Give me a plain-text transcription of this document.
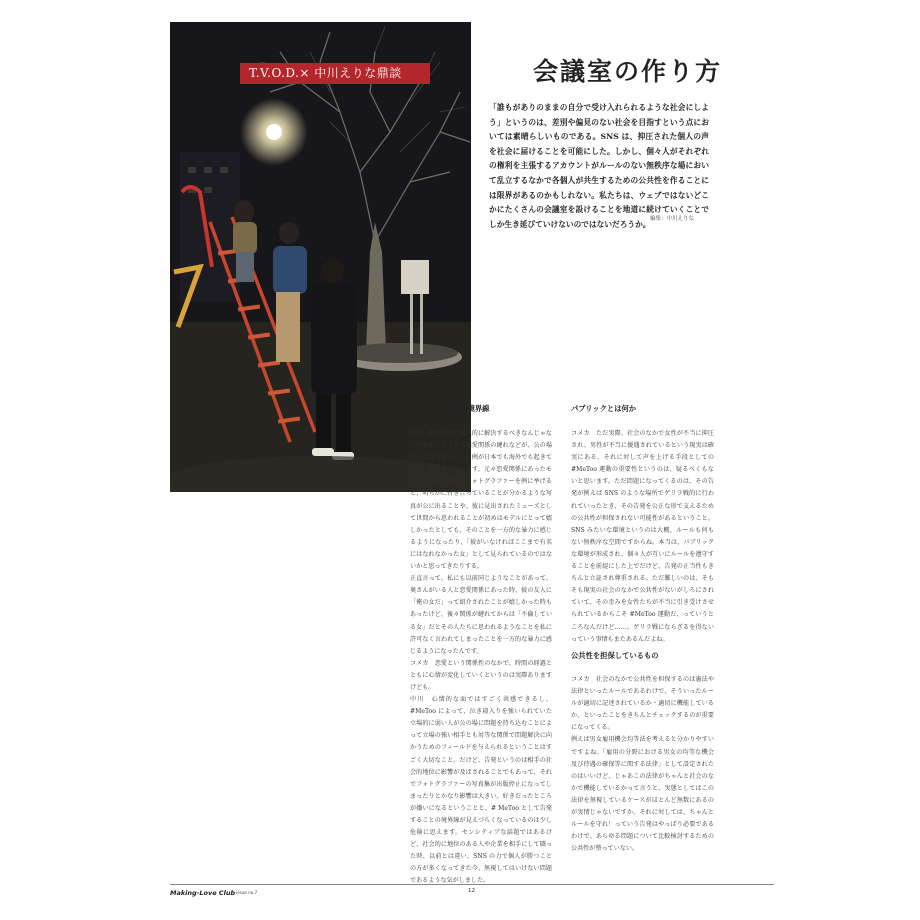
T.V.O.D.× 中川えりな鼎談	会議室の作り方

「誰もがありのままの自分で受け入れられるような社会にしよう」というのは、差別や偏見のない社会を目指すという点においては素晴らしいものである。SNS は、抑圧された個人の声を社会に届けることを可能にした。しかし、個々人がそれぞれの権利を主張するアカウントがルールのない無秩序な場において乱立するなかで各個人が共生するための公共性を作ることには限界があるのかもしれない。私たちは、ウェブではないどこかにたくさんの会議室を設けることを地道に続けていくことでしか生き延びていけないのではないだろうか。

編集：中川えりな
#MeToo をする境界線

中川　両者の間で個人的に解決するべきなんじゃないかと思えるような恋愛関係の縺れなどが、公の場での告発となっている例が日本でも海外でも起きていて、気になっています。元々恋愛関係にあったモデルに告発をされたフォトグラファーを例に挙げると、明らかに付き合っていることが分かるような写真が公に出ることや、彼に見出されたミューズとして世間から思われることが初めはモデルにとって嬉しかったとしても、そのことを一方的な暴力に感じるようになったり、「彼がいなければここまで有名にはなれなかった女」として見られているのではないかと思ってきたりする。

正直言って、私にも以前同じようなことがあって、奥さんがいる人と恋愛関係にあった時、彼の友人に「俺の女だ」って紹介されたことが嬉しかった時もあったけど、後々関係が縺れてからは「不倫している女」だとその人たちに思われるようなことを私に許可なく言われてしまったことを一方的な暴力に感じるようになったんです。

コメカ　恋愛という関係性のなかで、時間の経過とともに心情が変化していくというのは実際ありますけども。

中川　心情的な面ではすごく共感できるし、#MeToo によって、泣き寝入りを強いられていた立場的に弱い人が公の場に問題を持ち込むことによって立場の強い相手とも対等な関係で問題解決に向かうためのフィールドを与えられるということはすごく大切なこと。だけど、告発というのは相手の社会的地位に影響が及ばされることでもあって、それでフォトグラファーの写真集が出版停止になってしまったりとかなり影響は大きい。好きだったところが嫌いになるということと、# MeToo として告発することの境界線が見えづらくなっているのは少し危険に思えます。センシティブな話題ではあるけど、社会的に地位のある人や企業を相手にして闘った時、以前とは違い、SNS の力で個人が勝つことの方が多くなってきた今、無視してはいけない問題であるような気がしました。

パブリックとは何か

コメカ　ただ実際、社会のなかで女性が不当に抑圧され、男性が不当に優遇されているという現実は確実にある。それに対して声を上げる手段としての #MeToo 運動の重要性というのは、疑るべくもないと思います。ただ問題になってくるのは、その告発が例えば SNS のような場所でゲリラ戦的に行われていったとき、その告発を公正な形で支えるための公共性が担保されない可能性があるということ。SNS みたいな環境というのは大概、ルールも何もない無秩序な空間ですからね。本当は、パブリックな環境が形成され、個々人が互いにルールを遵守することを前提にした上でだけど、告発の正当性もきちんと立証され尊重される。ただ難しいのは、そもそも現実の社会のなかで公共性がないがしろにされていて、その歪みを女性たちが不当に引き受けさせられているからこそ #MeToo 運動だ、っていうところなんだけど……。ゲリラ戦にならざるを得ないっていう事情もまたあるんだよね。

公共性を担保しているもの

コメカ　社会のなかで公共性を担保するのは憲法や法律といったルールであるわけで、そういったルールが適切に記述されているか・適切に機能しているか、といったことをきちんとチェックするのが重要になってくる。

例えば男女雇用機会均等法を考えると分かりやすいですよね。「雇用の分野における男女の均等な機会及び待遇の確保等に関する法律」として設定されたのはいいけど、じゃあこの法律がちゃんと社会のなかで機能しているかって言うと、実態としてはこの法律を無視しているケースがほとんど無数にあるのが実情じゃないですか。それに対しては、ちゃんとルールを守れ！っていう告発はやっぱり必要であるわけで。あらゆる問題について比較検討するための公共性が整っていない。

Making-Love Club issue no.7	12
